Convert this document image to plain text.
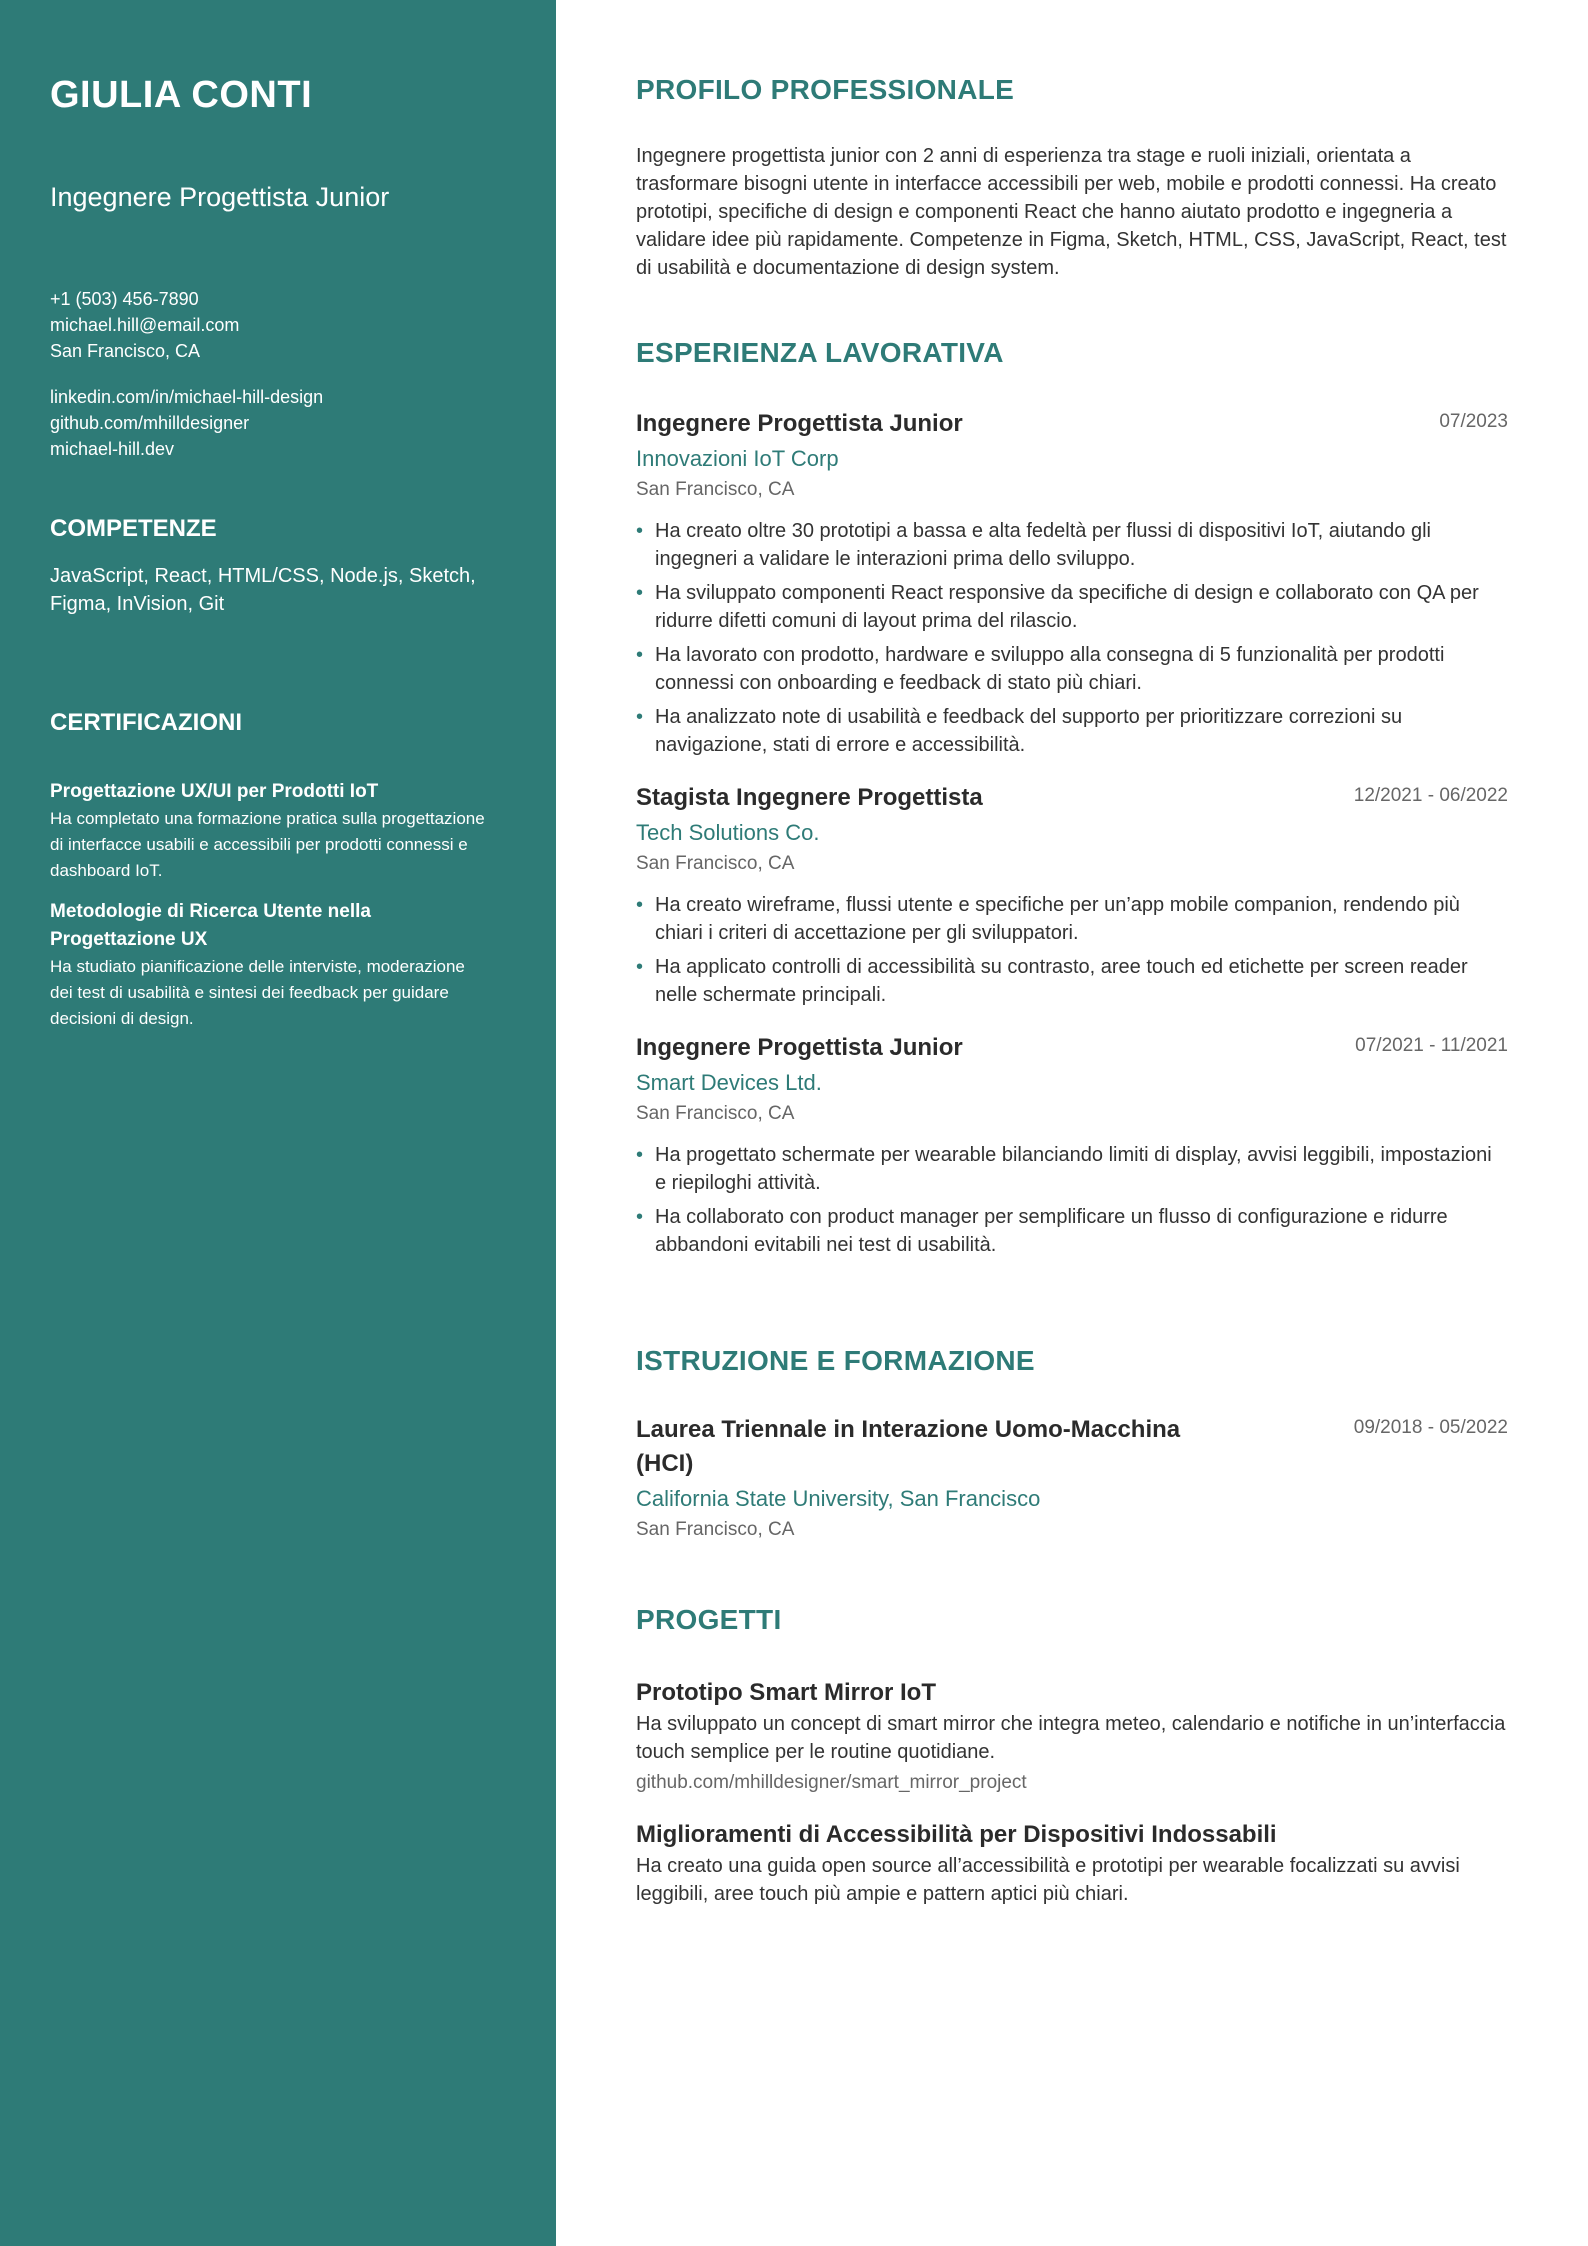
GIULIA CONTI
Ingegnere Progettista Junior
+1 (503) 456-7890
michael.hill@email.com
San Francisco, CA
linkedin.com/in/michael-hill-design
github.com/mhilldesigner
michael-hill.dev
COMPETENZE
JavaScript, React, HTML/CSS, Node.js, Sketch, Figma, InVision, Git
CERTIFICAZIONI
Progettazione UX/UI per Prodotti IoT
Ha completato una formazione pratica sulla progettazione di interfacce usabili e accessibili per prodotti connessi e dashboard IoT.
Metodologie di Ricerca Utente nella Progettazione UX
Ha studiato pianificazione delle interviste, moderazione dei test di usabilità e sintesi dei feedback per guidare decisioni di design.
PROFILO PROFESSIONALE
Ingegnere progettista junior con 2 anni di esperienza tra stage e ruoli iniziali, orientata a trasformare bisogni utente in interfacce accessibili per web, mobile e prodotti connessi. Ha creato prototipi, specifiche di design e componenti React che hanno aiutato prodotto e ingegneria a validare idee più rapidamente. Competenze in Figma, Sketch, HTML, CSS, JavaScript, React, test di usabilità e documentazione di design system.
ESPERIENZA LAVORATIVA
Ingegnere Progettista Junior	07/2023
Innovazioni IoT Corp
San Francisco, CA
• Ha creato oltre 30 prototipi a bassa e alta fedeltà per flussi di dispositivi IoT, aiutando gli ingegneri a validare le interazioni prima dello sviluppo.
• Ha sviluppato componenti React responsive da specifiche di design e collaborato con QA per ridurre difetti comuni di layout prima del rilascio.
• Ha lavorato con prodotto, hardware e sviluppo alla consegna di 5 funzionalità per prodotti connessi con onboarding e feedback di stato più chiari.
• Ha analizzato note di usabilità e feedback del supporto per prioritizzare correzioni su navigazione, stati di errore e accessibilità.
Stagista Ingegnere Progettista	12/2021 - 06/2022
Tech Solutions Co.
San Francisco, CA
• Ha creato wireframe, flussi utente e specifiche per un’app mobile companion, rendendo più chiari i criteri di accettazione per gli sviluppatori.
• Ha applicato controlli di accessibilità su contrasto, aree touch ed etichette per screen reader nelle schermate principali.
Ingegnere Progettista Junior	07/2021 - 11/2021
Smart Devices Ltd.
San Francisco, CA
• Ha progettato schermate per wearable bilanciando limiti di display, avvisi leggibili, impostazioni e riepiloghi attività.
• Ha collaborato con product manager per semplificare un flusso di configurazione e ridurre abbandoni evitabili nei test di usabilità.
ISTRUZIONE E FORMAZIONE
Laurea Triennale in Interazione Uomo-Macchina (HCI)
09/2018 - 05/2022
California State University, San Francisco
San Francisco, CA
PROGETTI
Prototipo Smart Mirror IoT
Ha sviluppato un concept di smart mirror che integra meteo, calendario e notifiche in un’interfaccia touch semplice per le routine quotidiane.
github.com/mhilldesigner/smart_mirror_project
Miglioramenti di Accessibilità per Dispositivi Indossabili
Ha creato una guida open source all’accessibilità e prototipi per wearable focalizzati su avvisi leggibili, aree touch più ampie e pattern aptici più chiari.
